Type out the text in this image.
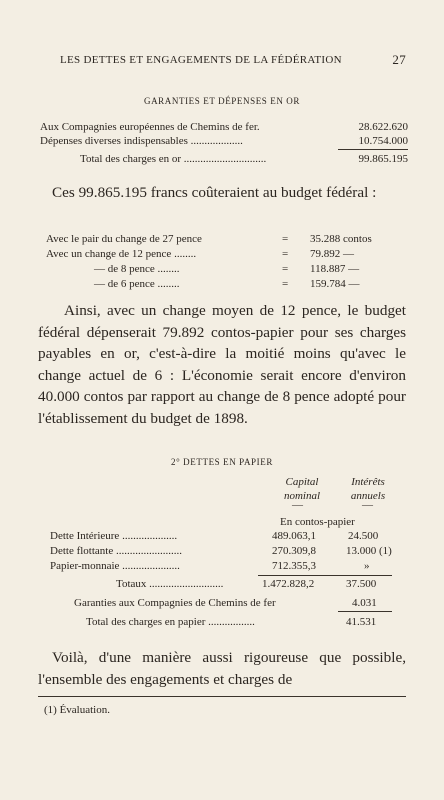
LES DETTES ET ENGAGEMENTS DE LA FÉDÉRATION	27
GARANTIES ET DÉPENSES EN OR
Aux Compagnies européennes de Chemins de fer.	28.622.620
Dépenses diverses indispensables ...................	10.754.000
Total des charges en or ..............................	99.865.195
Ces 99.865.195 francs coûteraient au budget fédéral :
Avec le pair du change de 27 pence	= 35.288 contos
Avec un change de 12 pence ........	= 79.892 —
— de 8 pence ........	= 118.887 —
— de 6 pence ........	= 159.784 —
Ainsi, avec un change moyen de 12 pence, le budget fédéral dépenserait 79.892 contos-papier pour ses charges payables en or, c'est-à-dire la moitié moins qu'avec le change actuel de 6 : L'économie serait encore d'environ 40.000 contos par rapport au change de 8 pence adopté pour l'établissement du budget de 1898.
2° DETTES EN PAPIER
Capital
nominal
Intérêts
annuels
—	—
En contos-papier
Dette Intérieure ....................	489.063,1	24.500
Dette flottante ........................	270.309,8	13.000 (1)
Papier-monnaie .....................	712.355,3	»
Totaux ...........................	1.472.828,2	37.500
Garanties aux Compagnies de Chemins de fer	4.031
Total des charges en papier .................	41.531
Voilà, d'une manière aussi rigoureuse que possible, l'ensemble des engagements et charges de
(1) Évaluation.
